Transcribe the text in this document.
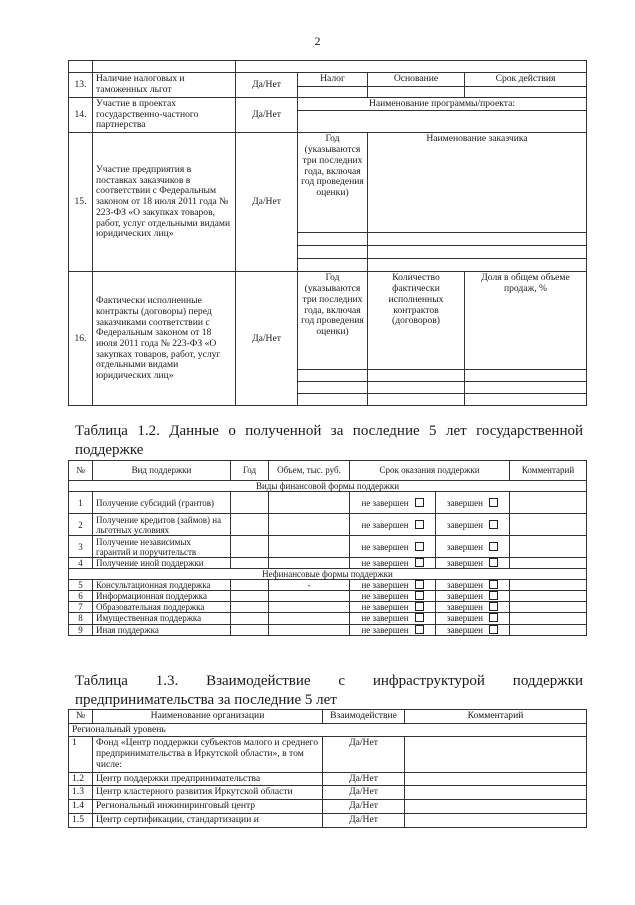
2

13.	Наличие налоговых и таможенных льгот	Да/Нет	Налог	Основание	Срок действия

14.	Участие в проектах государственно-частного партнерства	Да/Нет	Наименование программы/проекта:		

15.	Участие предприятия в поставках заказчиков в соответствии с Федеральным законом от 18 июля 2011 года № 223-ФЗ «О закупках товаров, работ, услуг отдельными видами юридических лиц»	Да/Нет	Год (указываются три последних года, включая год проведения оценки)	Наименование заказчика	

16.	Фактически исполненные контракты (договоры) перед заказчиками соответствии с Федеральным законом от 18 июля 2011 года № 223-ФЗ «О закупках товаров, работ, услуг отдельными видами юридических лиц»	Да/Нет	Год (указываются три последних года, включая год проведения оценки)	Количество фактически исполненных контрактов (договоров)	Доля в общем объеме продаж, %

Таблица 1.2. Данные о полученной за последние 5 лет государственной поддержке
№	Вид поддержки	Год	Объем, тыс. руб.	Срок оказания поддержки		Комментарий
Виды финансовой формы поддержки						
1	Получение субсидий (грантов)			не завершен	завершен	
2	Получение кредитов (займов) на льготных условиях			не завершен	завершен	
3	Получение независимых гарантий и поручительств			не завершен	завершен	
4	Получение иной поддержки			не завершен	завершен	
Нефинансовые формы поддержки						
5	Консультационная поддержка		-	не завершен	завершен	
6	Информационная поддержка			не завершен	завершен	
7	Образовательная поддержка			не завершен	завершен	
8	Имущественная поддержка			не завершен	завершен	
9	Иная поддержка			не завершен	завершен	
Таблица 1.3. Взаимодействие с инфраструктурой поддержки предпринимательства за последние 5 лет
№	Наименование организации	Взаимодействие	Комментарий
Региональный уровень			
1	Фонд «Центр поддержки субъектов малого и среднего предпринимательства в Иркутской области», в том числе:	Да/Нет	
1.2	Центр поддержки предпринимательства	Да/Нет	
1.3	Центр кластерного развития Иркутской области	Да/Нет	
1.4	Региональный инжиниринговый центр	Да/Нет	
1.5	Центр сертификации, стандартизации и	Да/Нет	
